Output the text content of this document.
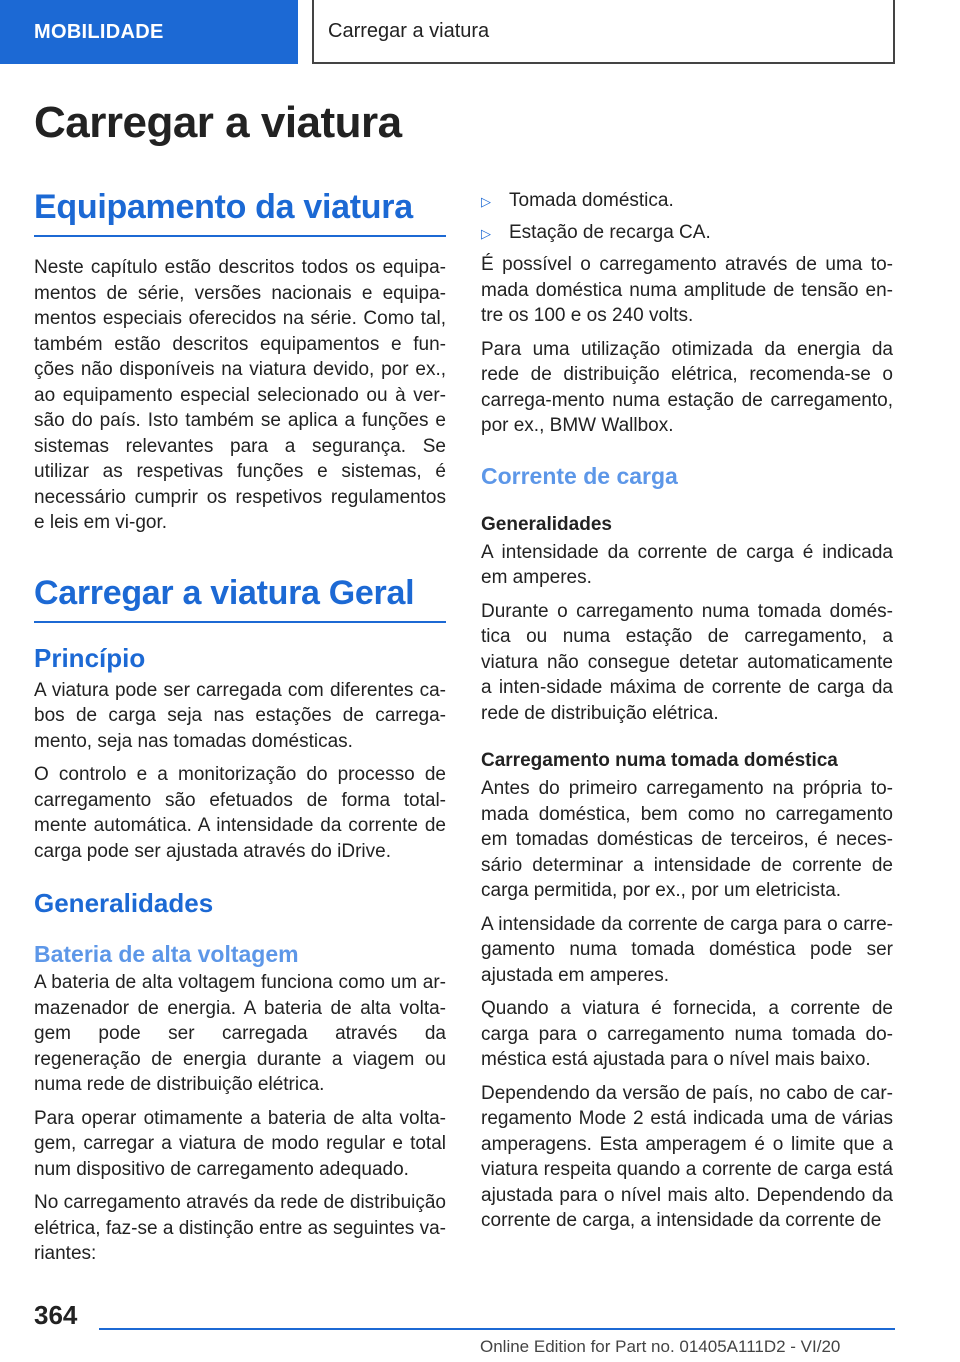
MOBILIDADE	Carregar a viatura
Carregar a viatura
Equipamento da viatura

Neste capítulo estão descritos todos os equipa-mentos de série, versões nacionais e equipa-mentos especiais oferecidos na série. Como tal, também estão descritos equipamentos e fun-ções não disponíveis na viatura devido, por ex., ao equipamento especial selecionado ou à ver-são do país. Isto também se aplica a funções e sistemas relevantes para a segurança. Se utilizar as respetivas funções e sistemas, é necessário cumprir os respetivos regulamentos e leis em vi-gor.

Carregar a viatura Geral
Princípio

A viatura pode ser carregada com diferentes ca-bos de carga seja nas estações de carrega-mento, seja nas tomadas domésticas.

O controlo e a monitorização do processo de carregamento são efetuados de forma total-mente automática. A intensidade da corrente de carga pode ser ajustada através do iDrive.

Generalidades
Bateria de alta voltagem

A bateria de alta voltagem funciona como um ar-mazenador de energia. A bateria de alta volta-gem pode ser carregada através da regeneração de energia durante a viagem ou numa rede de distribuição elétrica.

Para operar otimamente a bateria de alta volta-gem, carregar a viatura de modo regular e total num dispositivo de carregamento adequado.

No carregamento através da rede de distribuição elétrica, faz-se a distinção entre as seguintes va-riantes:

▷ Tomada doméstica.
▷ Estação de recarga CA.

É possível o carregamento através de uma to-mada doméstica numa amplitude de tensão en-tre os 100 e os 240 volts.

Para uma utilização otimizada da energia da rede de distribuição elétrica, recomenda-se o carrega-mento numa estação de carregamento, por ex., BMW Wallbox.

Corrente de carga
Generalidades

A intensidade da corrente de carga é indicada em amperes.

Durante o carregamento numa tomada domés-tica ou numa estação de carregamento, a viatura não consegue detetar automaticamente a inten-sidade máxima de corrente de carga da rede de distribuição elétrica.

Carregamento numa tomada doméstica

Antes do primeiro carregamento na própria to-mada doméstica, bem como no carregamento em tomadas domésticas de terceiros, é neces-sário determinar a intensidade de corrente de carga permitida, por ex., por um eletricista.

A intensidade da corrente de carga para o carre-gamento numa tomada doméstica pode ser ajustada em amperes.

Quando a viatura é fornecida, a corrente de carga para o carregamento numa tomada do-méstica está ajustada para o nível mais baixo.

Dependendo da versão de país, no cabo de car-regamento Mode 2 está indicada uma de várias amperagens. Esta amperagem é o limite que a viatura respeita quando a corrente de carga está ajustada para o nível mais alto. Dependendo da corrente de carga, a intensidade da corrente de

364
Online Edition for Part no. 01405A111D2 - VI/20
